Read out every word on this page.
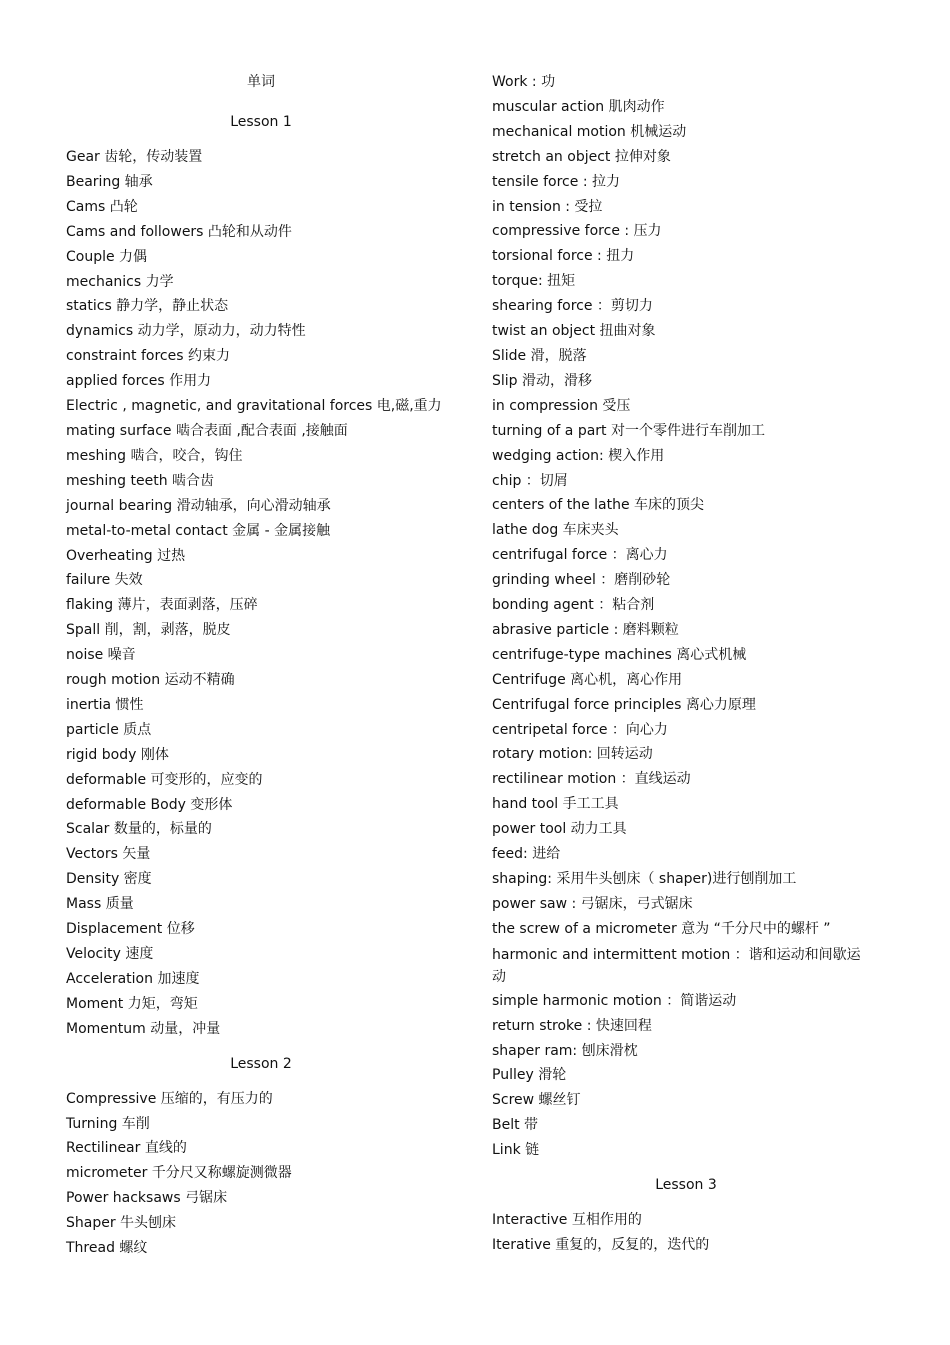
单词
Lesson 1
Gear 齿轮，传动装置
Bearing 轴承
Cams 凸轮
Cams and followers 凸轮和从动件
Couple 力偶
mechanics 力学
statics 静力学，静止状态
dynamics 动力学，原动力，动力特性
constraint forces 约束力
applied forces 作用力
Electric , magnetic, and gravitational forces 电,磁,重力
mating surface 啮合表面 ,配合表面 ,接触面
meshing 啮合，咬合，钩住
meshing teeth 啮合齿
journal bearing 滑动轴承，向心滑动轴承
metal-to-metal contact 金属 - 金属接触
Overheating 过热
failure 失效
flaking 薄片，表面剥落，压碎
Spall 削，割，剥落，脱皮
noise 噪音
rough motion 运动不精确
inertia 惯性
particle 质点
rigid body 刚体
deformable 可变形的，应变的
deformable Body 变形体
Scalar 数量的，标量的
Vectors 矢量
Density 密度
Mass 质量
Displacement 位移
Velocity 速度
Acceleration 加速度
Moment 力矩，弯矩
Momentum 动量，冲量
Lesson 2
Compressive 压缩的，有压力的
Turning 车削
Rectilinear 直线的
micrometer 千分尺又称螺旋测微器
Power hacksaws 弓锯床
Shaper 牛头刨床
Thread 螺纹
Work : 功
muscular action 肌肉动作
mechanical motion 机械运动
stretch an object 拉伸对象
tensile force : 拉力
in tension : 受拉
compressive force : 压力
torsional force : 扭力
torque: 扭矩
shearing force ：剪切力
twist an object 扭曲对象
Slide 滑，脱落
Slip 滑动，滑移
in compression 受压
turning of a part 对一个零件进行车削加工
wedging action: 楔入作用
chip ：切屑
centers of the lathe 车床的顶尖
lathe dog 车床夹头
centrifugal force ：离心力
grinding wheel ：磨削砂轮
bonding agent ：粘合剂
abrasive particle : 磨料颗粒
centrifuge-type machines 离心式机械
Centrifuge 离心机，离心作用
Centrifugal force principles 离心力原理
centripetal force ：向心力
rotary motion: 回转运动
rectilinear motion ：直线运动
hand tool 手工工具
power tool 动力工具
feed: 进给
shaping: 采用牛头刨床（ shaper)进行刨削加工
power saw : 弓锯床，弓式锯床
the screw of a micrometer 意为 “千分尺中的螺杆 ”
harmonic and intermittent motion ：谐和运动和间歇运动
simple harmonic motion ：简谐运动
return stroke : 快速回程
shaper ram: 刨床滑枕
Pulley 滑轮
Screw 螺丝钉
Belt 带
Link 链
Lesson 3
Interactive 互相作用的
Iterative 重复的，反复的，迭代的
